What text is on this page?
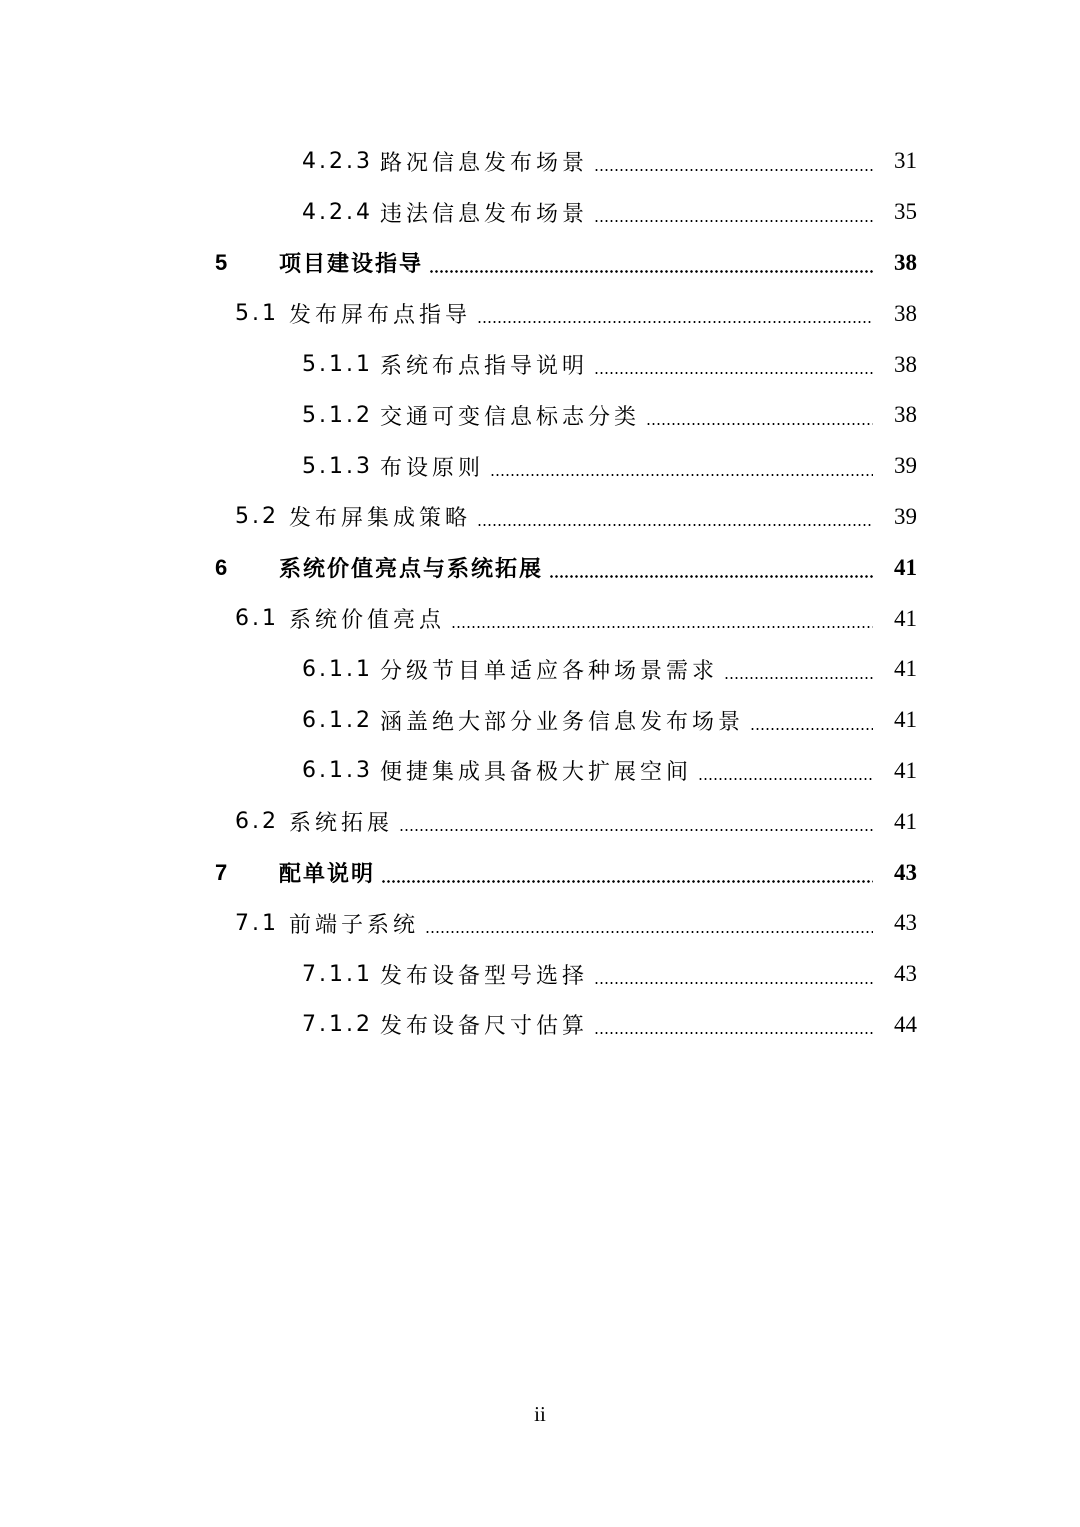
4.2.3 路况信息发布场景	31
4.2.4 违法信息发布场景	35
5	项目建设指导	38
5.1 发布屏布点指导	38
5.1.1 系统布点指导说明	38
5.1.2 交通可变信息标志分类	38
5.1.3 布设原则	39
5.2 发布屏集成策略	39
6	系统价值亮点与系统拓展	41
6.1 系统价值亮点	41
6.1.1 分级节目单适应各种场景需求	41
6.1.2 涵盖绝大部分业务信息发布场景	41
6.1.3 便捷集成具备极大扩展空间	41
6.2 系统拓展	41
7	配单说明	43
7.1 前端子系统	43
7.1.1 发布设备型号选择	43
7.1.2 发布设备尺寸估算	44
ii
